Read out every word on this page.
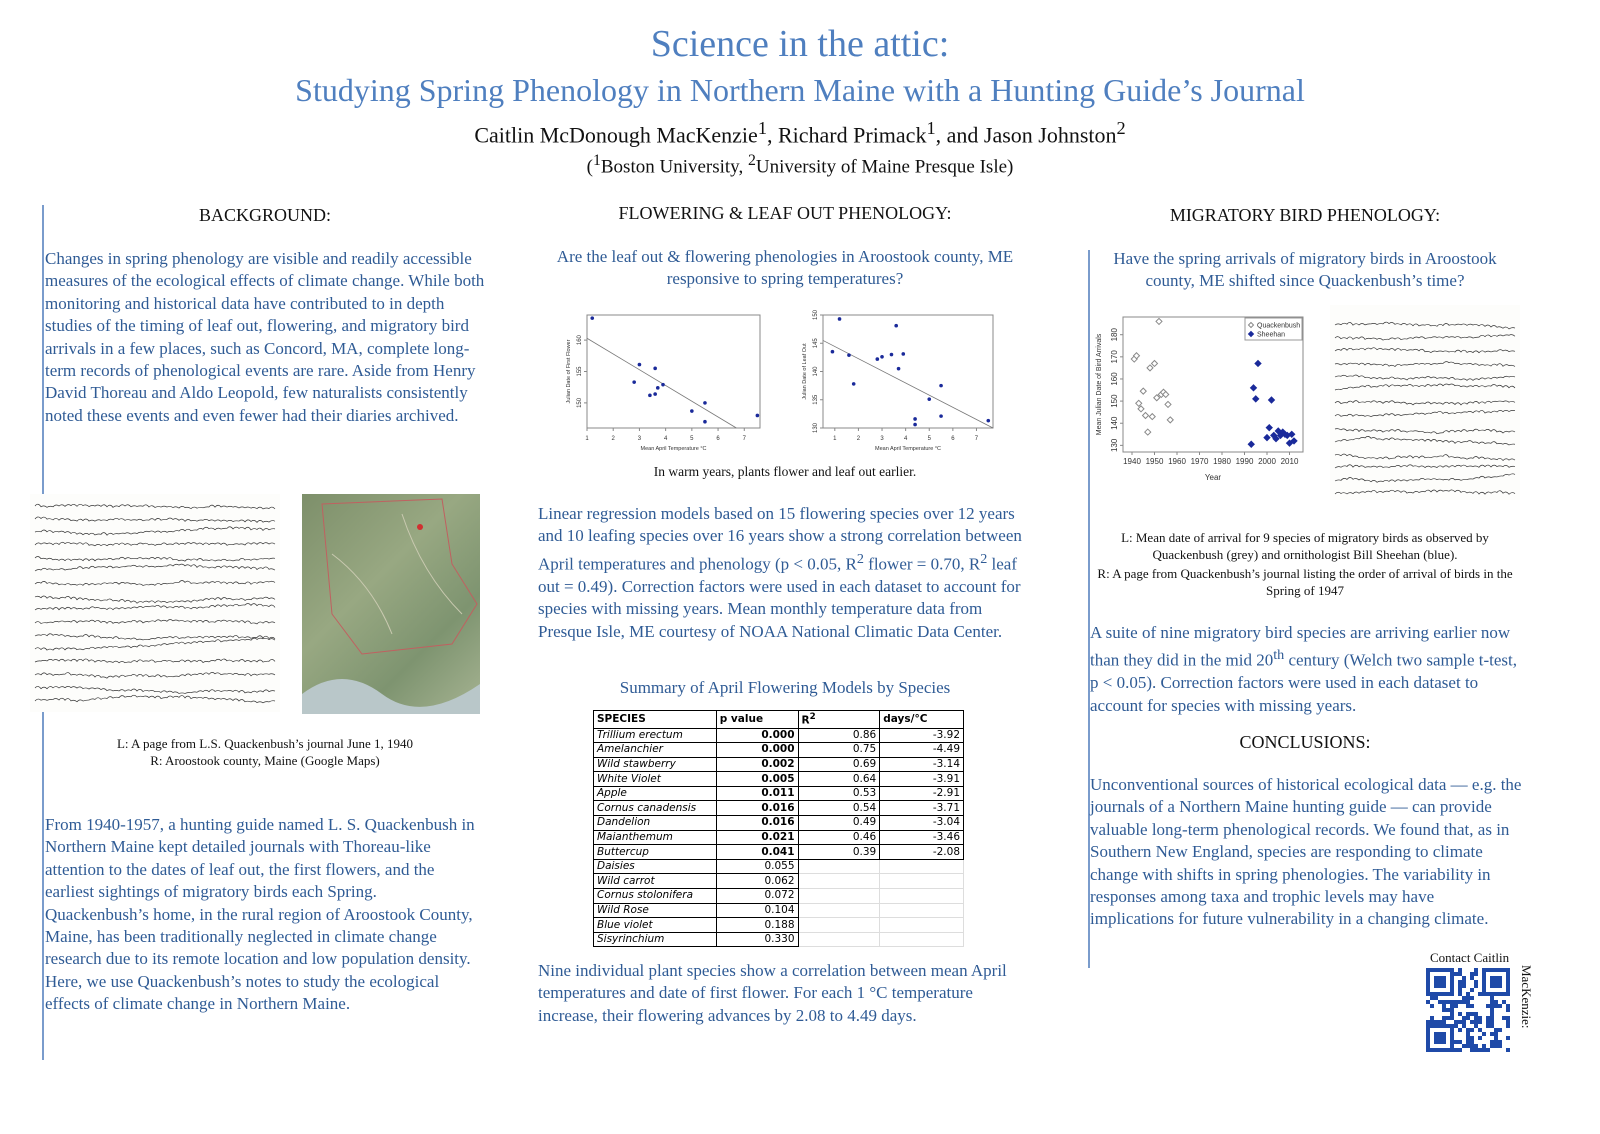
Science in the attic:
Studying Spring Phenology in Northern Maine with a Hunting Guide’s Journal
Caitlin McDonough MacKenzie$^1$, Richard Primack$^1$, and Jason Johnston$^2$
($^1$Boston University, $^2$University of Maine Presque Isle)
BACKGROUND:
Changes in spring phenology are visible and readily accessible measures of the ecological effects of climate change. While both monitoring and historical data have contributed to in depth studies of the timing of leaf out, flowering, and migratory bird arrivals in a few places, such as Concord, MA, complete long-term records of phenological events are rare. Aside from Henry David Thoreau and Aldo Leopold, few naturalists consistently noted these events and even fewer had their diaries archived.
L: A page from L.S. Quackenbush’s journal June 1, 1940
R: Aroostook county, Maine (Google Maps)
From 1940-1957, a hunting guide named L. S. Quackenbush in Northern Maine kept detailed journals with Thoreau-like attention to the dates of leaf out, the first flowers, and the earliest sightings of migratory birds each Spring. Quackenbush’s home, in the rural region of Aroostook County, Maine, has been traditionally neglected in climate change research due to its remote location and low population density. Here, we use Quackenbush’s notes to study the ecological effects of climate change in Northern Maine.
FLOWERING & LEAF OUT PHENOLOGY:
Are the leaf out & flowering phenologies in Aroostook county, ME responsive to spring temperatures?
1	2	3	4	5	6	7
150
155
160
Mean April Temperature °C
Julian Date of First Flower
1	2	3	4	5	6	7
130
135
140
145
150
Mean April Temperature °C
Julian Date of Leaf Out
In warm years, plants flower and leaf out earlier.
Linear regression models based on 15 flowering species over 12 years and 10 leafing species over 16 years show a strong correlation between April temperatures and phenology (p < 0.05, $R^2$ flower = 0.70, $R^2$ leaf out = 0.49). Correction factors were used in each dataset to account for species with missing years. Mean monthly temperature data from Presque Isle, ME courtesy of NOAA National Climatic Data Center.
Summary of April Flowering Models by Species
SPECIES	p value	$R^2$	days/°C
Trillium erectum	0.000	0.86	-3.92
Amelanchier	0.000	0.75	-4.49
Wild stawberry	0.002	0.69	-3.14
White Violet	0.005	0.64	-3.91
Apple	0.011	0.53	-2.91
Cornus canadensis	0.016	0.54	-3.71
Dandelion	0.016	0.49	-3.04
Maianthemum	0.021	0.46	-3.46
Buttercup	0.041	0.39	-2.08
Daisies	0.055		
Wild carrot	0.062		
Cornus stolonifera	0.072		
Wild Rose	0.104		
Blue violet	0.188		
Sisyrinchium	0.330		
Nine individual plant species show a correlation between mean April temperatures and date of first flower. For each 1 °C temperature increase, their flowering advances by 2.08 to 4.49 days.
MIGRATORY BIRD PHENOLOGY:
Have the spring arrivals of migratory birds in Aroostook county, ME shifted since Quackenbush’s time?
1940 1950 1960 1970 1980 1990 2000 2010
130
140
150
160
170
180
Year
Mean Julian Date of Bird Arrivals
Quackenbush
Sheehan
L: Mean date of arrival for 9 species of migratory birds as observed by Quackenbush (grey) and ornithologist Bill Sheehan (blue).
R: A page from Quackenbush’s journal listing the order of arrival of birds in the Spring of 1947
A suite of nine migratory bird species are arriving earlier now than they did in the mid 20th century (Welch two sample t-test, p < 0.05). Correction factors were used in each dataset to account for species with missing years.
CONCLUSIONS:
Unconventional sources of historical ecological data — e.g. the journals of a Northern Maine hunting guide — can provide valuable long-term phenological records. We found that, as in Southern New England, species are responding to climate change with shifts in spring phenologies. The variability in responses among taxa and trophic levels may have implications for future vulnerability in a changing climate.
Contact Caitlin
MacKenzie:
